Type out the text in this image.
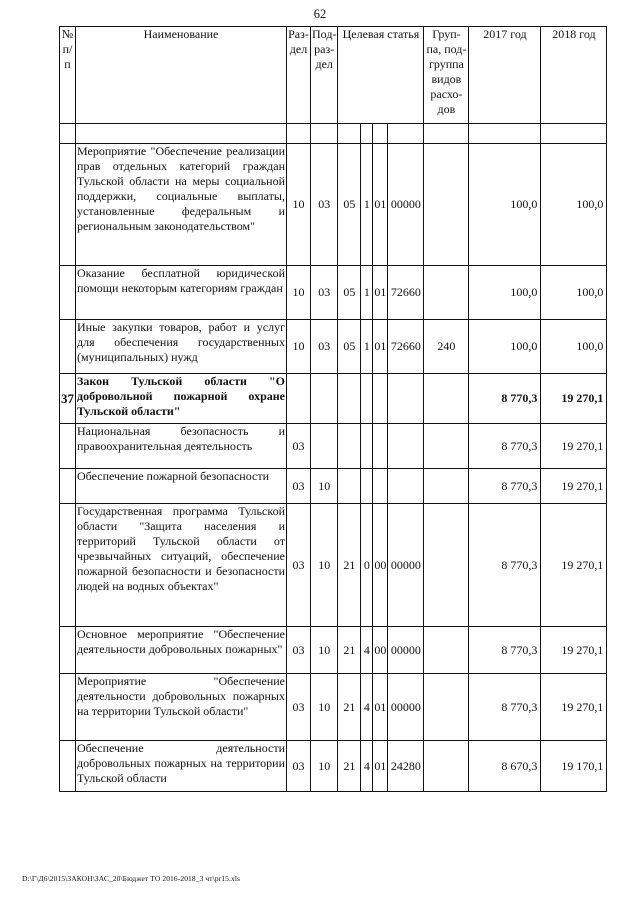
62
№ п/п	Наименование	Раз-дел	Под-раз-дел	Целевая статья				Груп-па, под-группа видов расхо-дов	2017 год	2018 год

	Мероприятие "Обеспечение реализации прав отдельных категорий граждан Тульской области на меры социальной поддержки, социальные выплаты, установленные федеральным и региональным законодательством"	10	03	05	1	01	00000		100,0	100,0
	Оказание бесплатной юридической помощи некоторым категориям граждан	10	03	05	1	01	72660		100,0	100,0
	Иные закупки товаров, работ и услуг для обеспечения государственных (муниципальных) нужд	10	03	05	1	01	72660	240	100,0	100,0
37	Закон Тульской области "О добровольной пожарной охране Тульской области"								8 770,3	19 270,1
	Национальная безопасность и правоохранительная деятельность	03							8 770,3	19 270,1
	Обеспечение пожарной безопасности	03	10						8 770,3	19 270,1
	Государственная программа Тульской области "Защита населения и территорий Тульской области от чрезвычайных ситуаций, обеспечение пожарной безопасности и безопасности людей на водных объектах"	03	10	21	0	00	00000		8 770,3	19 270,1
	Основное мероприятие "Обеспечение деятельности добровольных пожарных"	03	10	21	4	00	00000		8 770,3	19 270,1
	Мероприятие "Обеспечение деятельности добровольных пожарных на территории Тульской области"	03	10	21	4	01	00000		8 770,3	19 270,1
	Обеспечение деятельности добровольных пожарных на территории Тульской области	03	10	21	4	01	24280		8 670,3	19 170,1
D:\Г\Д6\2015\ЗАКОН\ЗАС_20\Бюджет ТО 2016-2018_3 чт\pr15.xls
